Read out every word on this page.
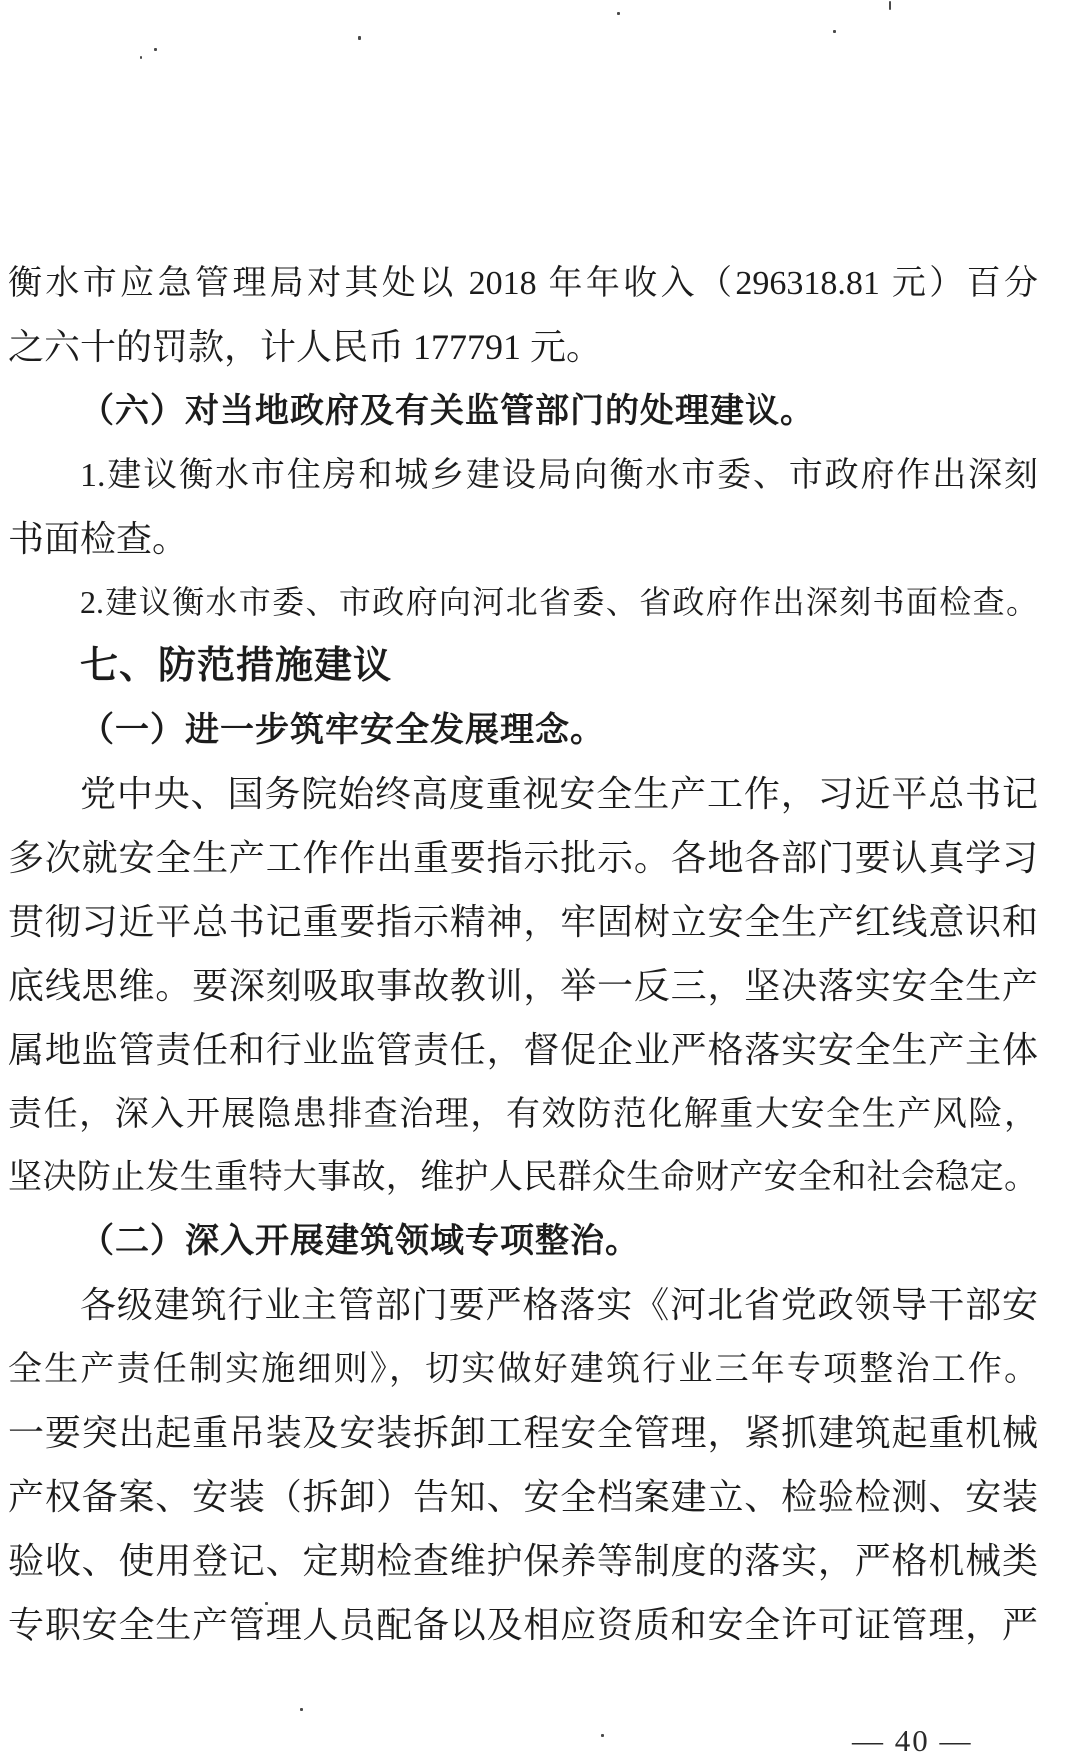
衡水市应急管理局对其处以 2018 年年收入（296318.81 元）百分
之六十的罚款，计人民币 177791 元。
（六）对当地政府及有关监管部门的处理建议。
1.建议衡水市住房和城乡建设局向衡水市委、市政府作出深刻
书面检查。
2.建议衡水市委、市政府向河北省委、省政府作出深刻书面检查。
七、防范措施建议
（一）进一步筑牢安全发展理念。
党中央、国务院始终高度重视安全生产工作，习近平总书记
多次就安全生产工作作出重要指示批示。各地各部门要认真学习
贯彻习近平总书记重要指示精神，牢固树立安全生产红线意识和
底线思维。要深刻吸取事故教训，举一反三，坚决落实安全生产
属地监管责任和行业监管责任，督促企业严格落实安全生产主体
责任，深入开展隐患排查治理，有效防范化解重大安全生产风险，
坚决防止发生重特大事故，维护人民群众生命财产安全和社会稳定。
（二）深入开展建筑领域专项整治。
各级建筑行业主管部门要严格落实《河北省党政领导干部安
全生产责任制实施细则》，切实做好建筑行业三年专项整治工作。
一要突出起重吊装及安装拆卸工程安全管理，紧抓建筑起重机械
产权备案、安装（拆卸）告知、安全档案建立、检验检测、安装
验收、使用登记、定期检查维护保养等制度的落实，严格机械类
专职安全生产管理人员配备以及相应资质和安全许可证管理，严
— 40 —
